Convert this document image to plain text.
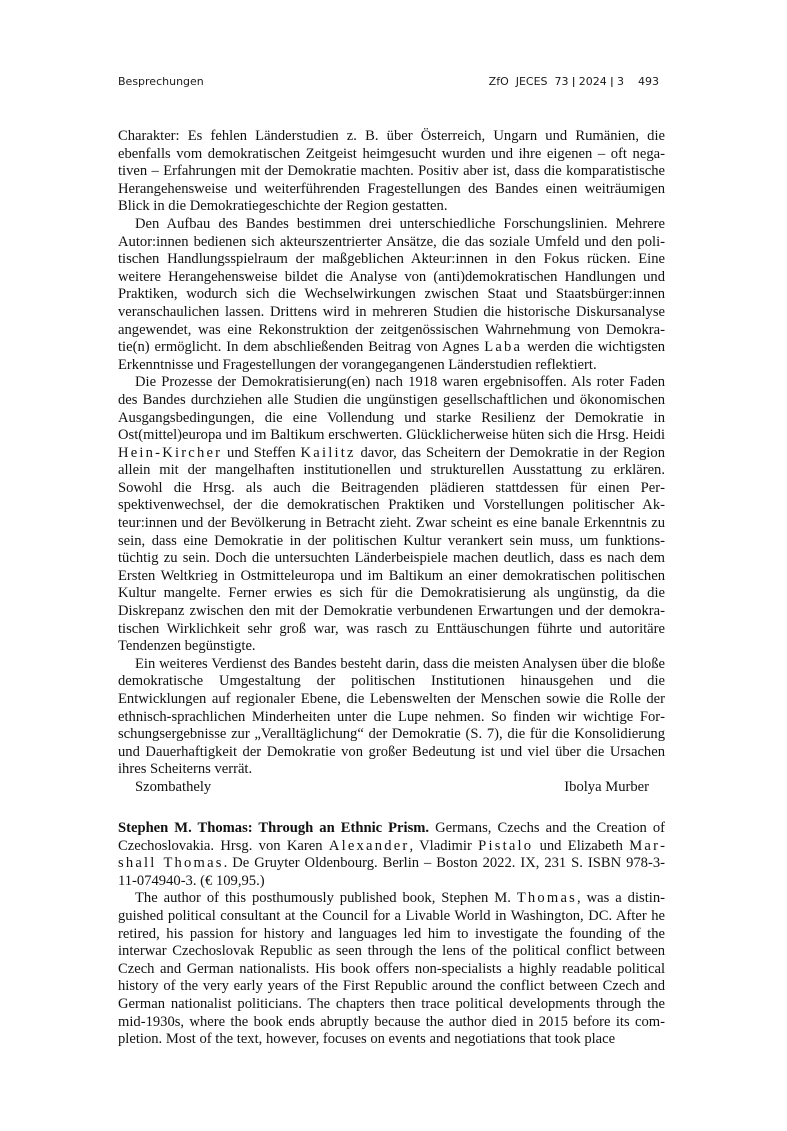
Besprechungen	ZfO  JECES  73 ǀ 2024 ǀ 3 493

Charakter: Es fehlen Länderstudien z. B. über Österreich, Ungarn und Rumänien, die ebenfalls vom demokratischen Zeitgeist heimgesucht wurden und ihre eigenen – oft negativen – Erfahrungen mit der Demokratie machten. Positiv aber ist, dass die komparatistische Herangehensweise und weiterführenden Fragestellungen des Bandes einen weiträumigen Blick in die Demokratiegeschichte der Region gestatten.

Den Aufbau des Bandes bestimmen drei unterschiedliche Forschungslinien. Mehrere Autor:innen bedienen sich akteurszentrierter Ansätze, die das soziale Umfeld und den politischen Handlungsspielraum der maßgeblichen Akteur:innen in den Fokus rücken. Eine weitere Herangehensweise bildet die Analyse von (anti)demokratischen Handlungen und Praktiken, wodurch sich die Wechselwirkungen zwischen Staat und Staatsbürger:innen veranschaulichen lassen. Drittens wird in mehreren Studien die historische Diskursanalyse angewendet, was eine Rekonstruktion der zeitgenössischen Wahrnehmung von Demokratie(n) ermöglicht. In dem abschließenden Beitrag von Agnes Laba werden die wichtigsten Erkenntnisse und Fragestellungen der vorangegangenen Länderstudien reflektiert.

Die Prozesse der Demokratisierung(en) nach 1918 waren ergebnisoffen. Als roter Faden des Bandes durchziehen alle Studien die ungünstigen gesellschaftlichen und ökonomischen Ausgangsbedingungen, die eine Vollendung und starke Resilienz der Demokratie in Ost(mittel)europa und im Baltikum erschwerten. Glücklicherweise hüten sich die Hrsg. Heidi Hein-Kircher und Steffen Kailitz davor, das Scheitern der Demokratie in der Region allein mit der mangelhaften institutionellen und strukturellen Ausstattung zu erklären. Sowohl die Hrsg. als auch die Beitragenden plädieren stattdessen für einen Perspektivenwechsel, der die demokratischen Praktiken und Vorstellungen politischer Akteur:innen und der Bevölkerung in Betracht zieht. Zwar scheint es eine banale Erkenntnis zu sein, dass eine Demokratie in der politischen Kultur verankert sein muss, um funktionstüchtig zu sein. Doch die untersuchten Länderbeispiele machen deutlich, dass es nach dem Ersten Weltkrieg in Ostmitteleuropa und im Baltikum an einer demokratischen politischen Kultur mangelte. Ferner erwies es sich für die Demokratisierung als ungünstig, da die Diskrepanz zwischen den mit der Demokratie verbundenen Erwartungen und der demokratischen Wirklichkeit sehr groß war, was rasch zu Enttäuschungen führte und autoritäre Tendenzen begünstigte.

Ein weiteres Verdienst des Bandes besteht darin, dass die meisten Analysen über die bloße demokratische Umgestaltung der politischen Institutionen hinausgehen und die Entwicklungen auf regionaler Ebene, die Lebenswelten der Menschen sowie die Rolle der ethnisch-sprachlichen Minderheiten unter die Lupe nehmen. So finden wir wichtige Forschungsergebnisse zur „Veralltäglichung“ der Demokratie (S. 7), die für die Konsolidierung und Dauerhaftigkeit der Demokratie von großer Bedeutung ist und viel über die Ursachen ihres Scheiterns verrät.

Szombathely	Ibolya Murber

Stephen M. Thomas: Through an Ethnic Prism. Germans, Czechs and the Creation of Czechoslovakia. Hrsg. von Karen Alexander, Vladimir Pistalo und Elizabeth Marshall Thomas. De Gruyter Oldenbourg. Berlin – Boston 2022. IX, 231 S. ISBN 978-3-11-074940-3. (€ 109,95.)

The author of this posthumously published book, Stephen M. Thomas, was a distinguished political consultant at the Council for a Livable World in Washington, DC. After he retired, his passion for history and languages led him to investigate the founding of the interwar Czechoslovak Republic as seen through the lens of the political conflict between Czech and German nationalists. His book offers non-specialists a highly readable political history of the very early years of the First Republic around the conflict between Czech and German nationalist politicians. The chapters then trace political developments through the mid-1930s, where the book ends abruptly because the author died in 2015 before its completion. Most of the text, however, focuses on events and negotiations that took place
